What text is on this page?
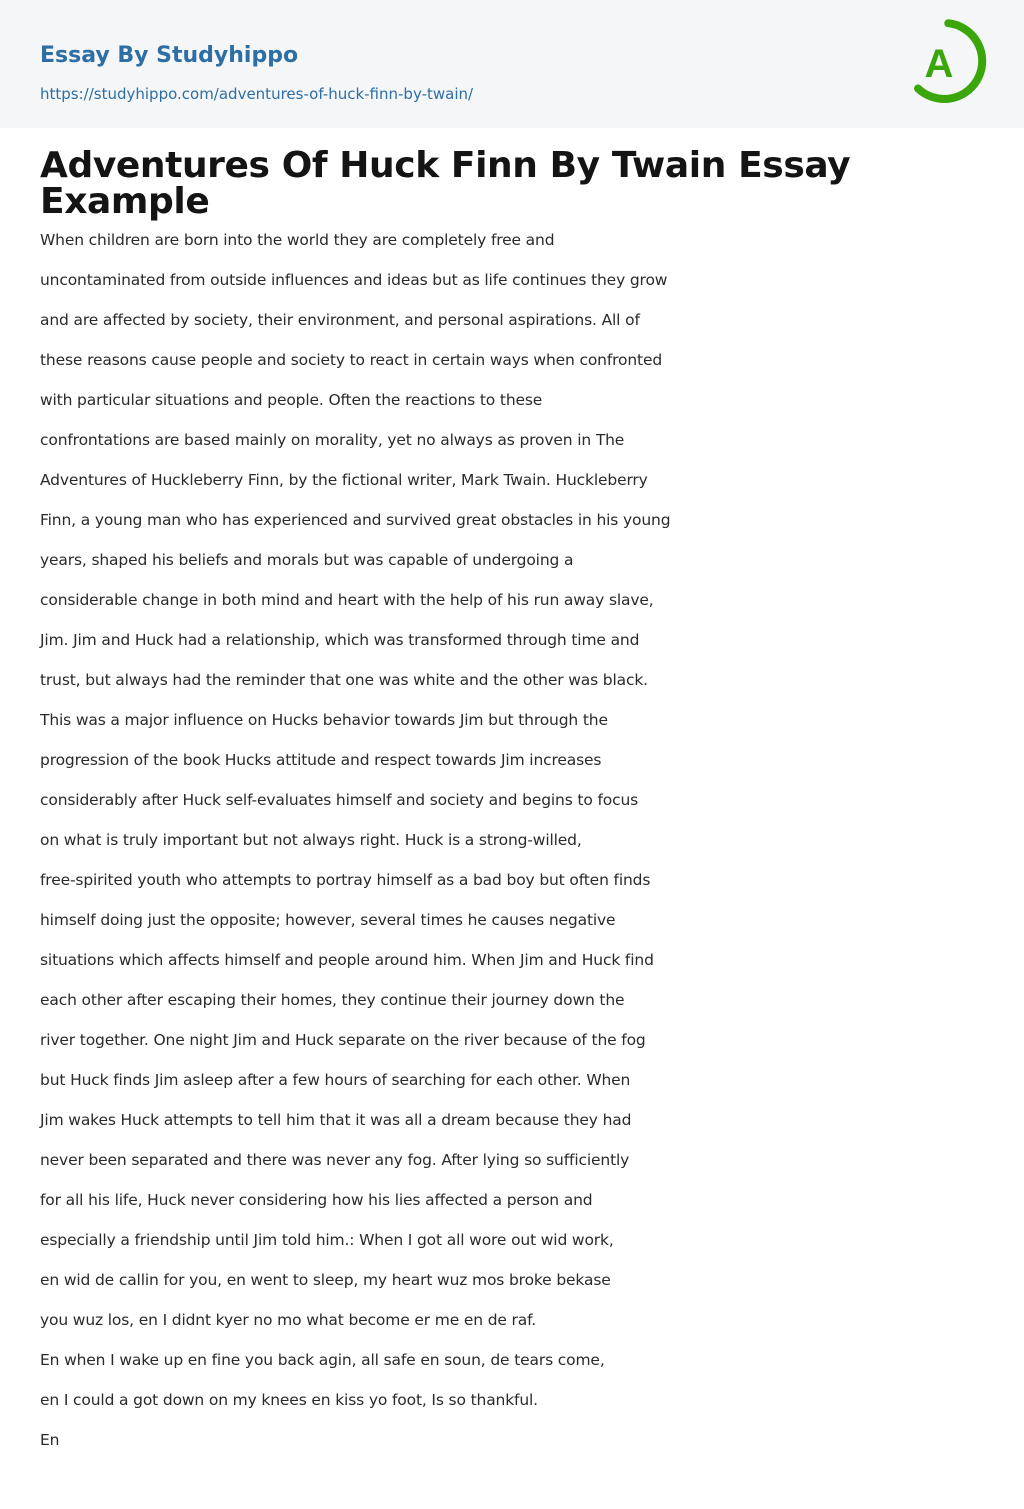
Essay By Studyhippo
https://studyhippo.com/adventures-of-huck-finn-by-twain/
A
Adventures Of Huck Finn By Twain Essay Example
When children are born into the world they are completely free and
uncontaminated from outside influences and ideas but as life continues they grow
and are affected by society, their environment, and personal aspirations. All of
these reasons cause people and society to react in certain ways when confronted
with particular situations and people. Often the reactions to these
confrontations are based mainly on morality, yet no always as proven in The
Adventures of Huckleberry Finn, by the fictional writer, Mark Twain. Huckleberry
Finn, a young man who has experienced and survived great obstacles in his young
years, shaped his beliefs and morals but was capable of undergoing a
considerable change in both mind and heart with the help of his run away slave,
Jim. Jim and Huck had a relationship, which was transformed through time and
trust, but always had the reminder that one was white and the other was black.
This was a major influence on Hucks behavior towards Jim but through the
progression of the book Hucks attitude and respect towards Jim increases
considerably after Huck self-evaluates himself and society and begins to focus
on what is truly important but not always right. Huck is a strong-willed,
free-spirited youth who attempts to portray himself as a bad boy but often finds
himself doing just the opposite; however, several times he causes negative
situations which affects himself and people around him. When Jim and Huck find
each other after escaping their homes, they continue their journey down the
river together. One night Jim and Huck separate on the river because of the fog
but Huck finds Jim asleep after a few hours of searching for each other. When
Jim wakes Huck attempts to tell him that it was all a dream because they had
never been separated and there was never any fog. After lying so sufficiently
for all his life, Huck never considering how his lies affected a person and
especially a friendship until Jim told him.: When I got all wore out wid work,
en wid de callin for you, en went to sleep, my heart wuz mos broke bekase
you wuz los, en I didnt kyer no mo what become er me en de raf.
En when I wake up en fine you back agin, all safe en soun, de tears come,
en I could a got down on my knees en kiss yo foot, Is so thankful.
En
